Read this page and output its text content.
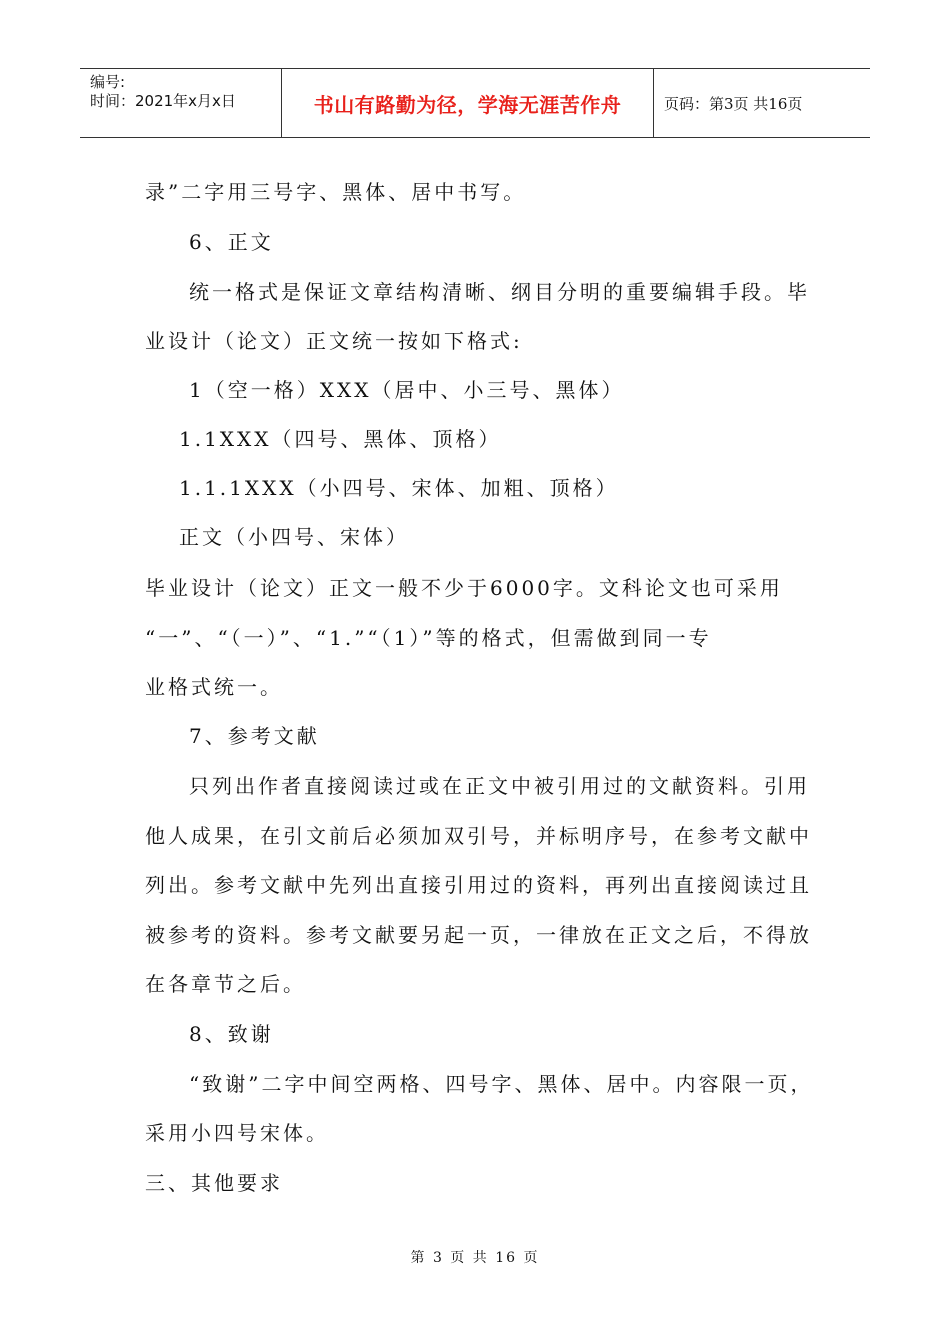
编号:
时间：2021年x月x日	书山有路勤为径，学海无涯苦作舟	页码：第3页 共16页
录”二字用三号字、黑体、居中书写。
6、正文
统一格式是保证文章结构清晰、纲目分明的重要编辑手段。毕
业设计（论文）正文统一按如下格式:
1（空一格）XXX（居中、小三号、黑体）
1.1XXX（四号、黑体、顶格）
1.1.1XXX（小四号、宋体、加粗、顶格）
正文（小四号、宋体）
毕业设计（论文）正文一般不少于6000字。文科论文也可采用
“一”、“（一）”、“1.”“（1）”等的格式，但需做到同一专
业格式统一。
7、参考文献
只列出作者直接阅读过或在正文中被引用过的文献资料。引用
他人成果，在引文前后必须加双引号，并标明序号，在参考文献中
列出。参考文献中先列出直接引用过的资料，再列出直接阅读过且
被参考的资料。参考文献要另起一页，一律放在正文之后，不得放
在各章节之后。
8、致谢
“致谢”二字中间空两格、四号字、黑体、居中。内容限一页，
采用小四号宋体。
三、其他要求
第 3 页 共 16 页
